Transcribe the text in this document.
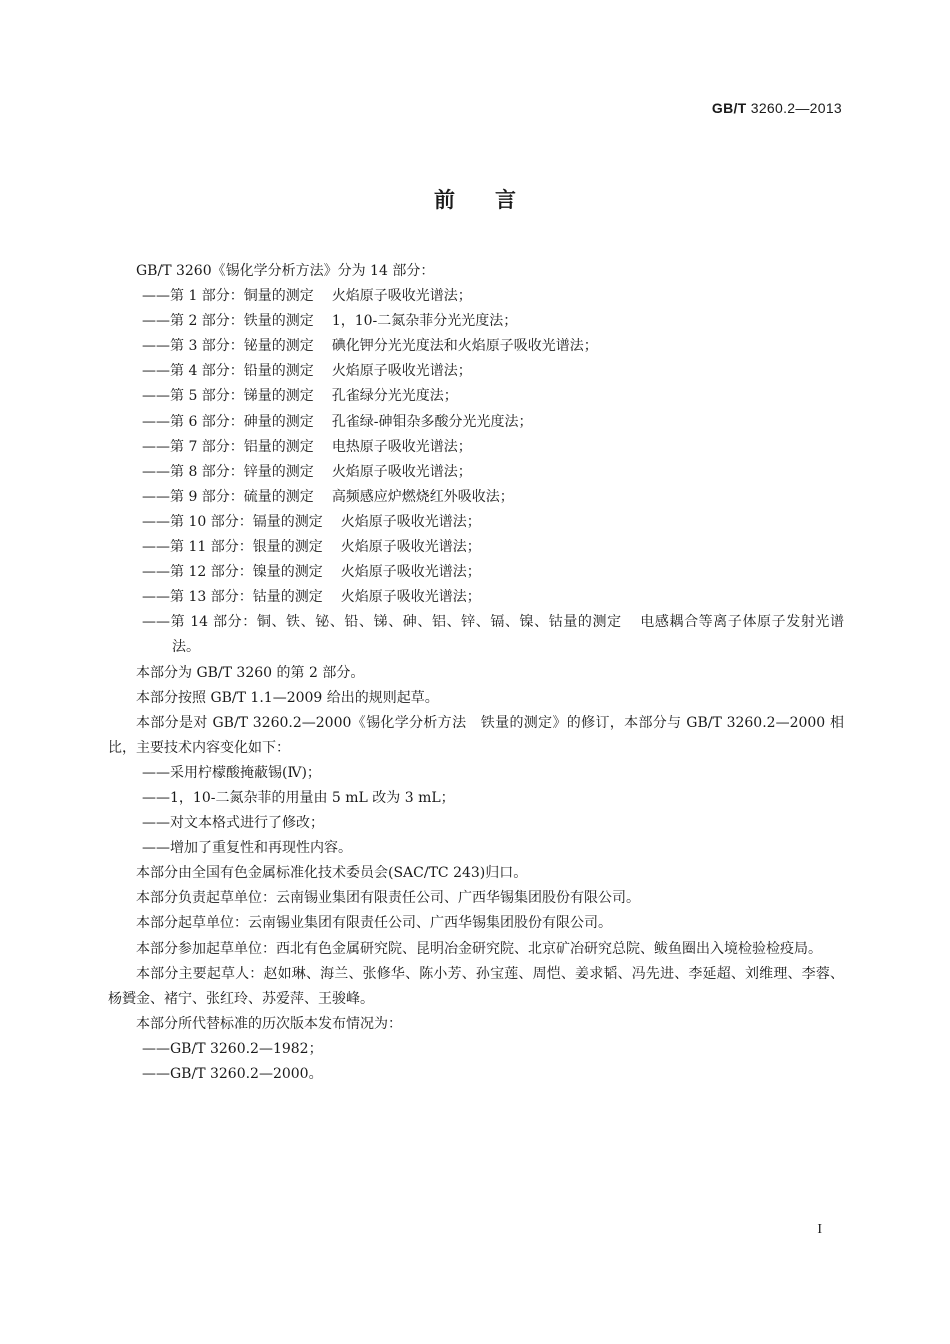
GB/T 3260.2—2013
前言

GB/T 3260《锡化学分析方法》分为 14 部分：

——第 1 部分：铜量的测定 火焰原子吸收光谱法；

——第 2 部分：铁量的测定 1，10-二氮杂菲分光光度法；

——第 3 部分：铋量的测定 碘化钾分光光度法和火焰原子吸收光谱法；

——第 4 部分：铅量的测定 火焰原子吸收光谱法；

——第 5 部分：锑量的测定 孔雀绿分光光度法；

——第 6 部分：砷量的测定 孔雀绿-砷钼杂多酸分光光度法；

——第 7 部分：铝量的测定 电热原子吸收光谱法；

——第 8 部分：锌量的测定 火焰原子吸收光谱法；

——第 9 部分：硫量的测定 高频感应炉燃烧红外吸收法；

——第 10 部分：镉量的测定 火焰原子吸收光谱法；

——第 11 部分：银量的测定 火焰原子吸收光谱法；

——第 12 部分：镍量的测定 火焰原子吸收光谱法；

——第 13 部分：钴量的测定 火焰原子吸收光谱法；

——第 14 部分：铜、铁、铋、铅、锑、砷、铝、锌、镉、镍、钴量的测定 电感耦合等离子体原子发射光谱法。

本部分为 GB/T 3260 的第 2 部分。

本部分按照 GB/T 1.1—2009 给出的规则起草。

本部分是对 GB/T 3260.2—2000《锡化学分析方法　铁量的测定》的修订，本部分与 GB/T 3260.2—2000 相比，主要技术内容变化如下：

——采用柠檬酸掩蔽锡(Ⅳ)；

——1，10-二氮杂菲的用量由 5 mL 改为 3 mL；

——对文本格式进行了修改；

——增加了重复性和再现性内容。

本部分由全国有色金属标准化技术委员会(SAC/TC 243)归口。

本部分负责起草单位：云南锡业集团有限责任公司、广西华锡集团股份有限公司。

本部分起草单位：云南锡业集团有限责任公司、广西华锡集团股份有限公司。

本部分参加起草单位：西北有色金属研究院、昆明冶金研究院、北京矿冶研究总院、鲅鱼圈出入境检验检疫局。

本部分主要起草人：赵如琳、海兰、张修华、陈小芳、孙宝莲、周恺、姜求韬、冯先进、李延超、刘维理、李蓉、杨贇金、褚宁、张红玲、苏爱萍、王骏峰。

本部分所代替标准的历次版本发布情况为：

——GB/T 3260.2—1982；

——GB/T 3260.2—2000。

I
